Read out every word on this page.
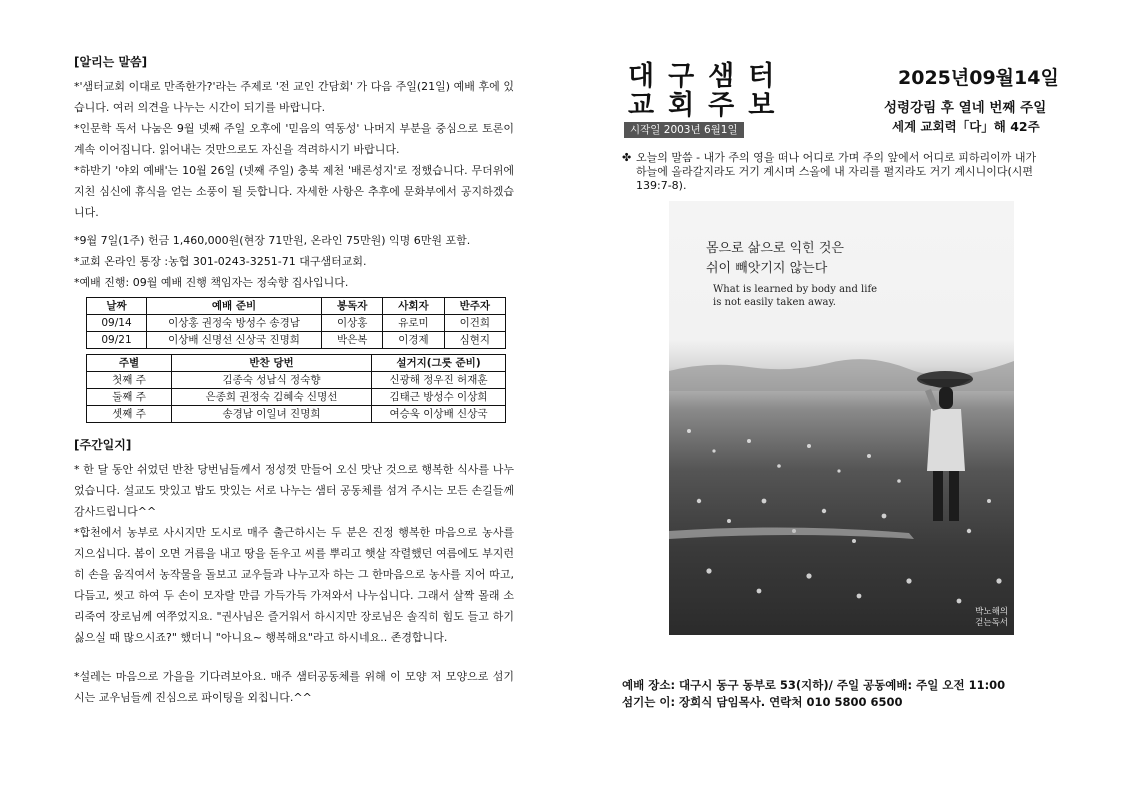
[알리는 말씀]

*'샘터교회 이대로 만족한가?'라는 주제로 '전 교인 간담회' 가 다음 주일(21일) 예배 후에 있습니다. 여러 의견을 나누는 시간이 되기를 바랍니다.

*인문학 독서 나눔은 9월 넷째 주일 오후에 '믿음의 역동성' 나머지 부분을 중심으로 토론이 계속 이어집니다. 읽어내는 것만으로도 자신을 격려하시기 바랍니다.

*하반기 '야외 예배'는 10월 26일 (넷째 주일) 충북 제천 '배론성지'로 정했습니다. 무더위에 지친 심신에 휴식을 얻는 소풍이 될 듯합니다. 자세한 사항은 추후에 문화부에서 공지하겠습니다.

*9월 7일(1주) 헌금 1,460,000원(현장 71만원, 온라인 75만원) 익명 6만원 포함.

*교회 온라인 통장 :농협 301-0243-3251-71 대구샘터교회.

*예배 진행: 09월 예배 진행 책임자는 정숙향 집사입니다.

날짜	예배 준비	봉독자	사회자	반주자
09/14	이상홍 권정숙 방성수 송경남	이상홍	유로미	이건희
09/21	이상배 신명선 신상국 진명희	박은복	이경제	심현지
주별	반찬 당번	설거지(그릇 준비)
첫째 주	김종숙 성남식 정숙향	신광해 정우진 허재훈
둘째 주	은종희 권정숙 김혜숙 신명선	김태근 방성수 이상희
셋째 주	송경남 이일녀 진명희	여승욱 이상배 신상국
[주간일지]

* 한 달 동안 쉬었던 반찬 당번님들께서 정성껏 만들어 오신 맛난 것으로 행복한 식사를 나누었습니다. 설교도 맛있고 밥도 맛있는 서로 나누는 샘터 공동체를 섬겨 주시는 모든 손길들께 감사드립니다^^

*합천에서 농부로 사시지만 도시로 매주 출근하시는 두 분은 진정 행복한 마음으로 농사를 지으십니다. 봄이 오면 거름을 내고 땅을 돋우고 씨를 뿌리고 햇살 작렬했던 여름에도 부지런히 손을 움직여서 농작물을 돌보고 교우들과 나누고자 하는 그 한마음으로 농사를 지어 따고, 다듬고, 씻고 하여 두 손이 모자랄 만큼 가득가득 가져와서 나누십니다. 그래서 살짝 몰래 소리죽여 장로님께 여쭈었지요. "권사님은 즐거워서 하시지만 장로님은 솔직히 힘도 들고 하기 싫으실 때 많으시죠?" 했더니 "아니요~ 행복해요"라고 하시네요.. 존경합니다.

*설레는 마음으로 가을을 기다려보아요. 매주 샘터공동체를 위해 이 모양 저 모양으로 섬기시는 교우님들께 진심으로 파이팅을 외칩니다.^^

대구샘터
교회주보
시작일 2003년 6월1일
2025년09월14일
성령강림 후 열네 번째 주일
세계 교회력「다」해 42주
✤ 오늘의 말씀 - 내가 주의 영을 떠나 어디로 가며 주의 앞에서 어디로 피하리이까 내가 하늘에 올라갈지라도 거기 계시며 스올에 내 자리를 펼지라도 거기 계시니이다(시편 139:7-8).
몸으로 삶으로 익힌 것은
쉬이 빼앗기지 않는다
What is learned by body and life
is not easily taken away.
박노해의
걷는독서
예배 장소: 대구시 동구 동부로 53(지하)/ 주일 공동예배: 주일 오전 11:00
섬기는 이: 장희식 담임목사. 연락처 010 5800 6500
